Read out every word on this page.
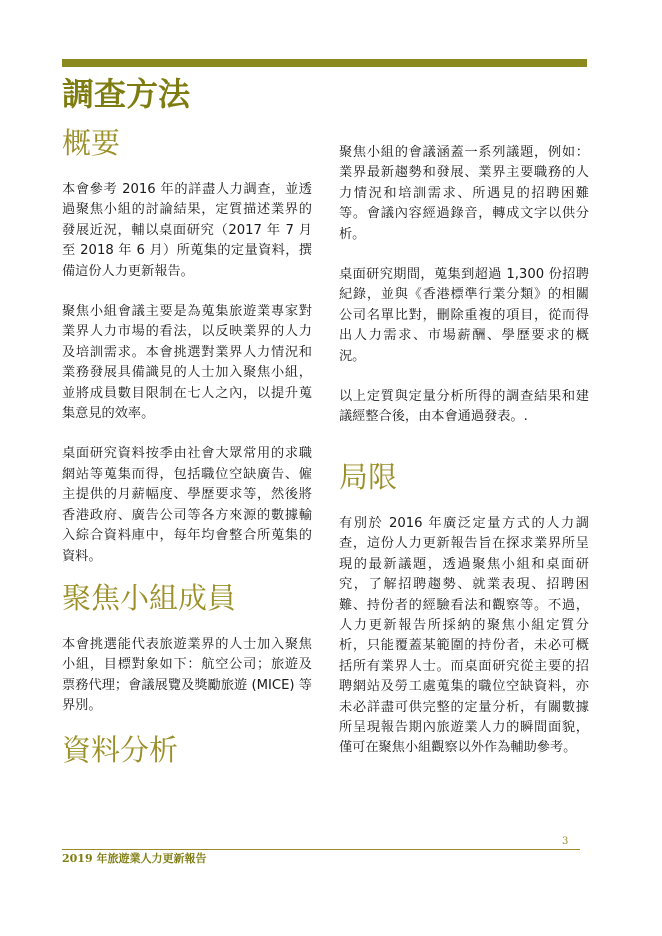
調查方法
概要

本會參考 2016 年的詳盡人力調查，並透過聚焦小組的討論結果，定質描述業界的發展近況，輔以桌面研究（2017 年 7 月至 2018 年 6 月）所蒐集的定量資料，撰備這份人力更新報告。

聚焦小組會議主要是為蒐集旅遊業專家對業界人力市場的看法，以反映業界的人力及培訓需求。本會挑選對業界人力情況和業務發展具備識見的人士加入聚焦小組，並將成員數目限制在七人之內，以提升蒐集意見的效率。

桌面研究資料按季由社會大眾常用的求職網站等蒐集而得，包括職位空缺廣告、僱主提供的月薪幅度、學歷要求等，然後將香港政府、廣告公司等各方來源的數據輸入綜合資料庫中，每年均會整合所蒐集的資料。

聚焦小組成員

本會挑選能代表旅遊業界的人士加入聚焦小組，目標對象如下：航空公司；旅遊及票務代理；會議展覽及獎勵旅遊 (MICE) 等界別。

資料分析

聚焦小組的會議涵蓋一系列議題，例如：業界最新趨勢和發展、業界主要職務的人力情況和培訓需求、所遇見的招聘困難等。會議內容經過錄音，轉成文字以供分析。

桌面研究期間，蒐集到超過 1,300 份招聘紀錄，並與《香港標準行業分類》的相關公司名單比對，刪除重複的項目，從而得出人力需求、市場薪酬、學歷要求的概況。

以上定質與定量分析所得的調查結果和建議經整合後，由本會通過發表。.

局限

有別於 2016 年廣泛定量方式的人力調查，這份人力更新報告旨在探求業界所呈現的最新議題，透過聚焦小組和桌面研究，了解招聘趨勢、就業表現、招聘困難、持份者的經驗看法和觀察等。不過，人力更新報告所採納的聚焦小組定質分析，只能覆蓋某範圍的持份者，未必可概括所有業界人士。而桌面研究從主要的招聘網站及勞工處蒐集的職位空缺資料，亦未必詳盡可供完整的定量分析，有關數據所呈現報告期內旅遊業人力的瞬間面貌，僅可在聚焦小組觀察以外作為輔助參考。

3
2019 年旅遊業人力更新報告
